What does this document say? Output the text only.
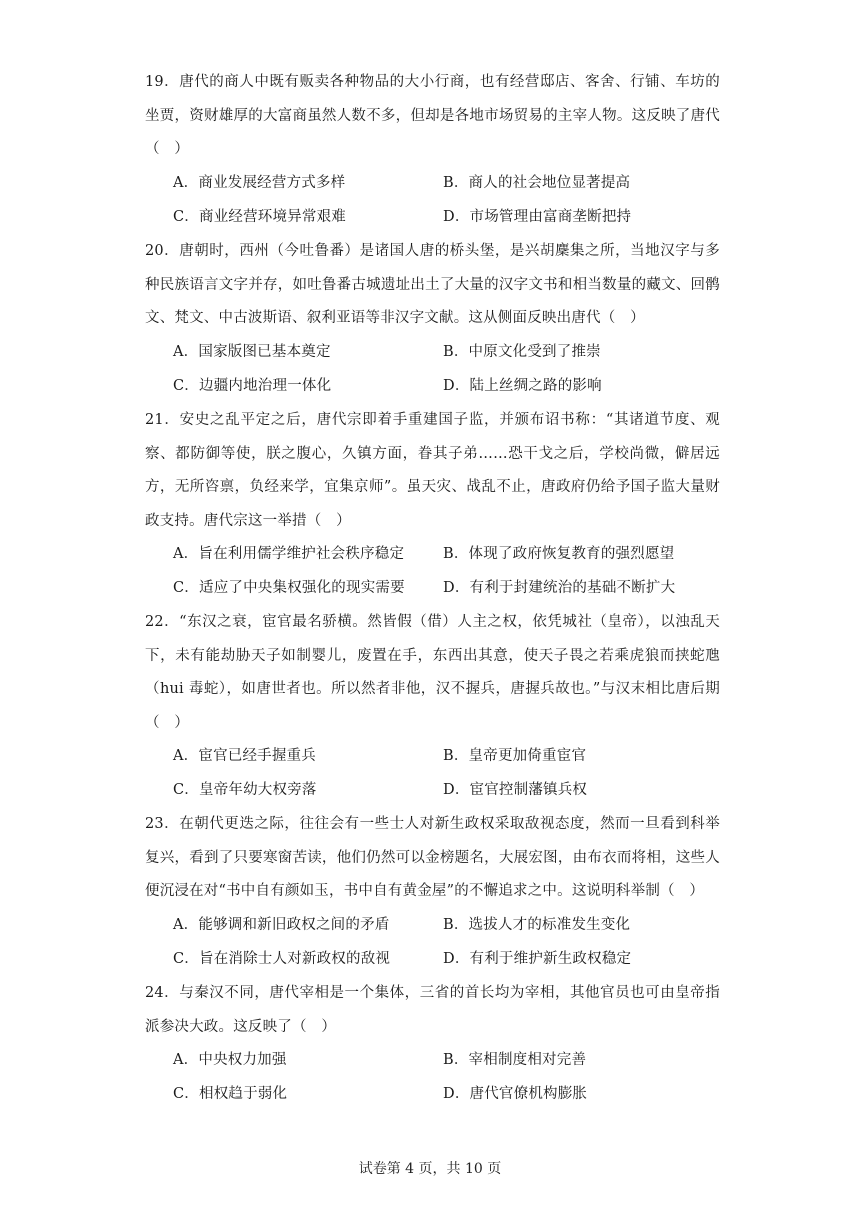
19．唐代的商人中既有贩卖各种物品的大小行商，也有经营邸店、客舍、行铺、车坊的坐贾，资财雄厚的大富商虽然人数不多，但却是各地市场贸易的主宰人物。这反映了唐代（　）

A．商业发展经营方式多样	B．商人的社会地位显著提高
C．商业经营环境异常艰难	D．市场管理由富商垄断把持

20．唐朝时，西州（今吐鲁番）是诸国人唐的桥头堡，是兴胡麇集之所，当地汉字与多种民族语言文字并存，如吐鲁番古城遗址出土了大量的汉字文书和相当数量的藏文、回鹘文、梵文、中古波斯语、叙利亚语等非汉字文献。这从侧面反映出唐代（　）

A．国家版图已基本奠定	B．中原文化受到了推崇
C．边疆内地治理一体化	D．陆上丝绸之路的影响

21．安史之乱平定之后，唐代宗即着手重建国子监，并颁布诏书称：“其诸道节度、观察、都防御等使，朕之腹心，久镇方面，眷其子弟……恐干戈之后，学校尚微，僻居远方，无所咨禀，负经来学，宜集京师”。虽天灾、战乱不止，唐政府仍给予国子监大量财政支持。唐代宗这一举措（　）

A．旨在利用儒学维护社会秩序稳定	B．体现了政府恢复教育的强烈愿望
C．适应了中央集权强化的现实需要	D．有利于封建统治的基础不断扩大

22．“东汉之衰，宦官最名骄横。然皆假（借）人主之权，依凭城社（皇帝），以浊乱天下，未有能劫胁天子如制婴儿，废置在手，东西出其意，使天子畏之若乘虎狼而挟蛇虺（hui 毒蛇），如唐世者也。所以然者非他，汉不握兵，唐握兵故也。”与汉末相比唐后期（　）

A．宦官已经手握重兵	B．皇帝更加倚重宦官
C．皇帝年幼大权旁落	D．宦官控制藩镇兵权

23．在朝代更迭之际，往往会有一些士人对新生政权采取敌视态度，然而一旦看到科举复兴，看到了只要寒窗苦读，他们仍然可以金榜题名，大展宏图，由布衣而将相，这些人便沉浸在对“书中自有颜如玉，书中自有黄金屋”的不懈追求之中。这说明科举制（　）

A．能够调和新旧政权之间的矛盾	B．选拔人才的标准发生变化
C．旨在消除士人对新政权的敌视	D．有利于维护新生政权稳定

24．与秦汉不同，唐代宰相是一个集体，三省的首长均为宰相，其他官员也可由皇帝指派参决大政。这反映了（　）

A．中央权力加强	B．宰相制度相对完善
C．相权趋于弱化	D．唐代官僚机构膨胀
试卷第 4 页，共 10 页
